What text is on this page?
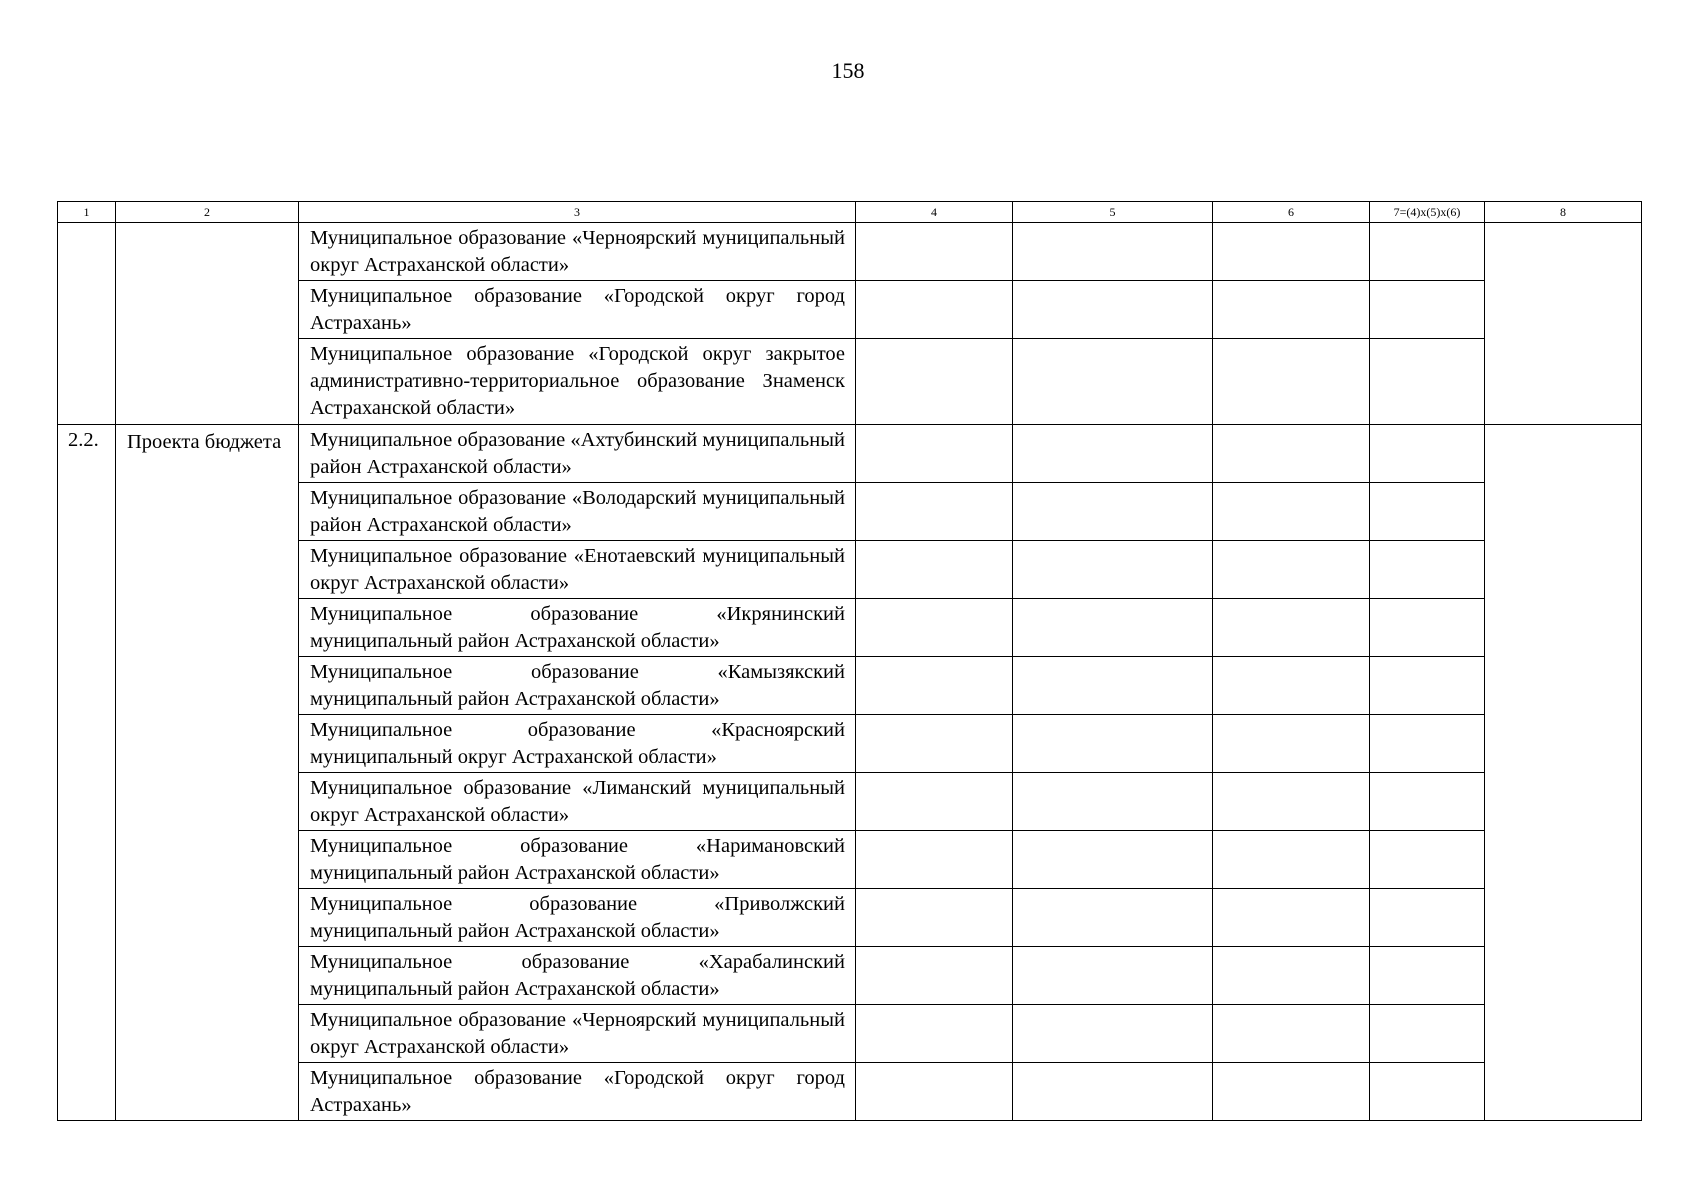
158
1	2	3	4	5	6	7=(4)x(5)x(6)	8
		Муниципальное образование «Черноярский муниципальный округ Астраханской области»					
		Муниципальное образование «Городской округ город Астрахань»					
		Муниципальное образование «Городской округ закрытое административно-территориальное образование Знаменск Астраханской области»					
2.2.	Проекта бюджета	Муниципальное образование «Ахтубинский муниципальный район Астраханской области»					
		Муниципальное образование «Володарский муниципальный район Астраханской области»					
		Муниципальное образование «Енотаевский муниципальный округ Астраханской области»					
		Муниципальное образование «Икрянинский муниципальный район Астраханской области»					
		Муниципальное образование «Камызякский муниципальный район Астраханской области»					
		Муниципальное образование «Красноярский муниципальный округ Астраханской области»					
		Муниципальное образование «Лиманский муниципальный округ Астраханской области»					
		Муниципальное образование «Наримановский муниципальный район Астраханской области»					
		Муниципальное образование «Приволжский муниципальный район Астраханской области»					
		Муниципальное образование «Харабалинский муниципальный район Астраханской области»					
		Муниципальное образование «Черноярский муниципальный округ Астраханской области»					
		Муниципальное образование «Городской округ город Астрахань»					
